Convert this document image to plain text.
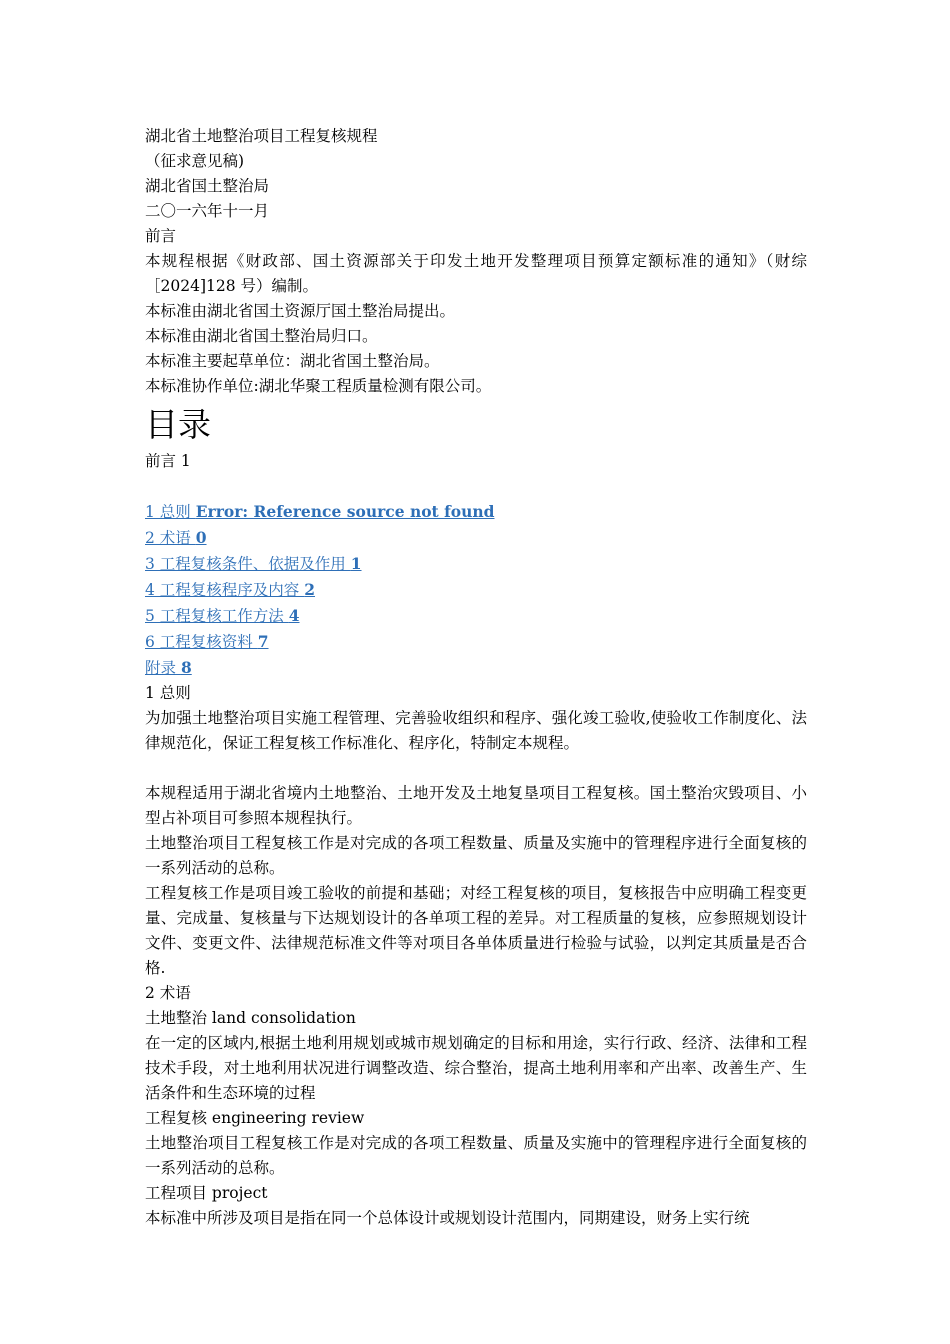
湖北省土地整治项目工程复核规程
（征求意见稿)
湖北省国土整治局
二〇一六年十一月
前言
本规程根据《财政部、国土资源部关于印发土地开发整理项目预算定额标准的通知》（财综［2024]128 号）编制。
本标准由湖北省国土资源厅国土整治局提出。
本标准由湖北省国土整治局归口。
本标准主要起草单位：湖北省国土整治局。
本标准协作单位:湖北华聚工程质量检测有限公司。
目录
前言 1
1 总则 Error: Reference source not found
2 术语 0
3 工程复核条件、依据及作用 1
4 工程复核程序及内容 2
5 工程复核工作方法 4
6 工程复核资料 7
附录 8
1 总则
为加强土地整治项目实施工程管理、完善验收组织和程序、强化竣工验收,使验收工作制度化、法律规范化，保证工程复核工作标准化、程序化，特制定本规程。
本规程适用于湖北省境内土地整治、土地开发及土地复垦项目工程复核。国土整治灾毁项目、小型占补项目可参照本规程执行。
土地整治项目工程复核工作是对完成的各项工程数量、质量及实施中的管理程序进行全面复核的一系列活动的总称。
工程复核工作是项目竣工验收的前提和基础；对经工程复核的项目，复核报告中应明确工程变更量、完成量、复核量与下达规划设计的各单项工程的差异。对工程质量的复核，应参照规划设计文件、变更文件、法律规范标准文件等对项目各单体质量进行检验与试验，以判定其质量是否合格.
2 术语
土地整治 land consolidation
在一定的区域内,根据土地利用规划或城市规划确定的目标和用途，实行行政、经济、法律和工程技术手段，对土地利用状况进行调整改造、综合整治，提高土地利用率和产出率、改善生产、生活条件和生态环境的过程
工程复核 engineering review
土地整治项目工程复核工作是对完成的各项工程数量、质量及实施中的管理程序进行全面复核的一系列活动的总称。
工程项目 project
本标准中所涉及项目是指在同一个总体设计或规划设计范围内，同期建设，财务上实行统
